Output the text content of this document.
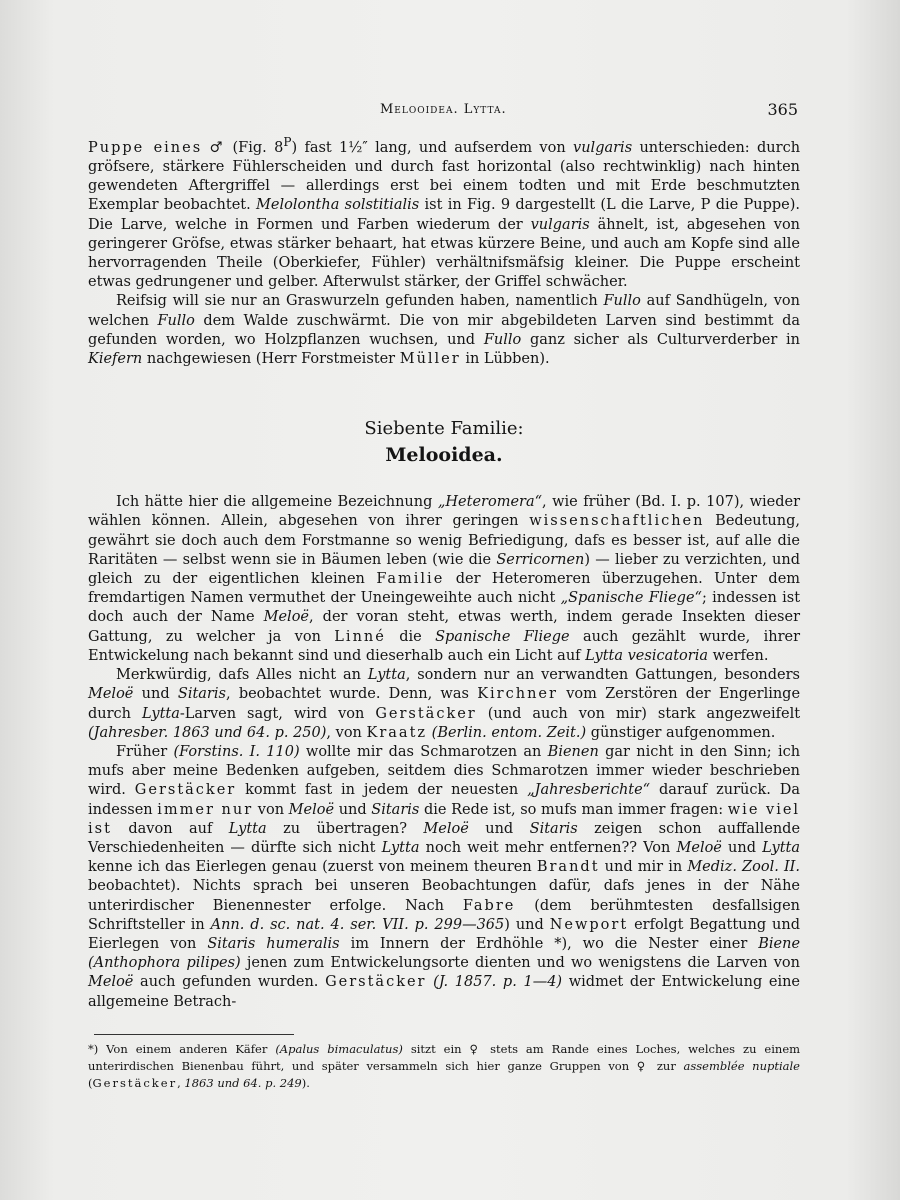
Melooidea. Lytta.	365

Puppe eines ♂ (Fig. $8^P$) fast 1½″ lang, und aufserdem von vulgaris unterschieden: durch gröfsere, stärkere Fühlerscheiden und durch fast horizontal (also rechtwinklig) nach hinten gewendeten Aftergriffel — allerdings erst bei einem todten und mit Erde beschmutzten Exemplar beobachtet. Melolontha solstitialis ist in Fig. 9 dargestellt (L die Larve, P die Puppe). Die Larve, welche in Formen und Farben wiederum der vulgaris ähnelt, ist, abgesehen von geringerer Gröfse, etwas stärker behaart, hat etwas kürzere Beine, und auch am Kopfe sind alle hervorragenden Theile (Oberkiefer, Fühler) verhältnifsmäfsig kleiner. Die Puppe erscheint etwas gedrungener und gelber. Afterwulst stärker, der Griffel schwächer.

Reifsig will sie nur an Graswurzeln gefunden haben, namentlich Fullo auf Sandhügeln, von welchen Fullo dem Walde zuschwärmt. Die von mir abgebildeten Larven sind bestimmt da gefunden worden, wo Holzpflanzen wuchsen, und Fullo ganz sicher als Culturverderber in Kiefern nachgewiesen (Herr Forstmeister Müller in Lübben).

Siebente Familie:
Melooidea.

Ich hätte hier die allgemeine Bezeichnung „Heteromera“, wie früher (Bd. I. p. 107), wieder wählen können. Allein, abgesehen von ihrer geringen wissenschaftlichen Bedeutung, gewährt sie doch auch dem Forstmanne so wenig Befriedigung, dafs es besser ist, auf alle die Raritäten — selbst wenn sie in Bäumen leben (wie die Serricornen) — lieber zu verzichten, und gleich zu der eigentlichen kleinen Familie der Heteromeren überzugehen. Unter dem fremdartigen Namen vermuthet der Uneingeweihte auch nicht „Spanische Fliege“; indessen ist doch auch der Name Meloë, der voran steht, etwas werth, indem gerade Insekten dieser Gattung, zu welcher ja von Linné die Spanische Fliege auch gezählt wurde, ihrer Entwickelung nach bekannt sind und dieserhalb auch ein Licht auf Lytta vesicatoria werfen.

Merkwürdig, dafs Alles nicht an Lytta, sondern nur an verwandten Gattungen, besonders Meloë und Sitaris, beobachtet wurde. Denn, was Kirchner vom Zerstören der Engerlinge durch Lytta-Larven sagt, wird von Gerstäcker (und auch von mir) stark angezweifelt (Jahresber. 1863 und 64. p. 250), von Kraatz (Berlin. entom. Zeit.) günstiger aufgenommen.

Früher (Forstins. I. 110) wollte mir das Schmarotzen an Bienen gar nicht in den Sinn; ich mufs aber meine Bedenken aufgeben, seitdem dies Schmarotzen immer wieder beschrieben wird. Gerstäcker kommt fast in jedem der neuesten „Jahresberichte“ darauf zurück. Da indessen immer nur von Meloë und Sitaris die Rede ist, so mufs man immer fragen: wie viel ist davon auf Lytta zu übertragen? Meloë und Sitaris zeigen schon auffallende Verschiedenheiten — dürfte sich nicht Lytta noch weit mehr entfernen?? Von Meloë und Lytta kenne ich das Eierlegen genau (zuerst von meinem theuren Brandt und mir in Mediz. Zool. II. beobachtet). Nichts sprach bei unseren Beobachtungen dafür, dafs jenes in der Nähe unterirdischer Bienennester erfolge. Nach Fabre (dem berühmtesten desfallsigen Schriftsteller in Ann. d. sc. nat. 4. ser. VII. p. 299—365) und Newport erfolgt Begattung und Eierlegen von Sitaris humeralis im Innern der Erdhöhle *), wo die Nester einer Biene (Anthophora pilipes) jenen zum Entwickelungsorte dienten und wo wenigstens die Larven von Meloë auch gefunden wurden. Gerstäcker (J. 1857. p. 1—4) widmet der Entwickelung eine allgemeine Betrach-

*) Von einem anderen Käfer (Apalus bimaculatus) sitzt ein ♀ stets am Rande eines Loches, welches zu einem unterirdischen Bienenbau führt, und später versammeln sich hier ganze Gruppen von ♀ zur assemblée nuptiale (Gerstäcker, 1863 und 64. p. 249).
